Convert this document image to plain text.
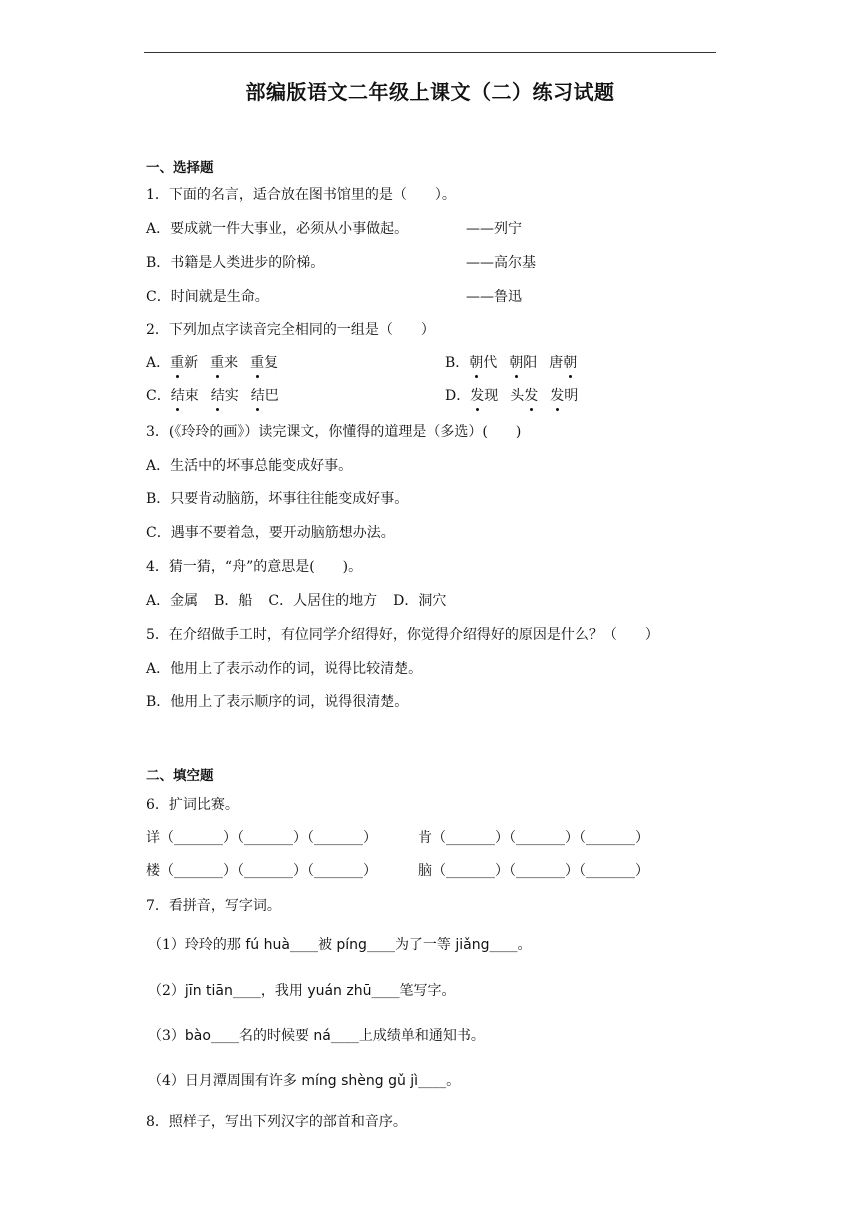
部编版语文二年级上课文（二）练习试题
一、选择题
1．下面的名言，适合放在图书馆里的是（　　）。
A．要成就一件大事业，必须从小事做起。	——列宁
B．书籍是人类进步的阶梯。	——高尔基
C．时间就是生命。	——鲁迅
2．下列加点字读音完全相同的一组是（　　）
A．重新 重来 重复	B．朝代 朝阳 唐朝
C．结束 结实 结巴	D．发现 头发 发明
3．(《玲玲的画》）读完课文，你懂得的道理是（多选）(　　)
A．生活中的坏事总能变成好事。
B．只要肯动脑筋，坏事往往能变成好事。
C．遇事不要着急，要开动脑筋想办法。
4．猜一猜，“舟”的意思是(　　)。
A．金属 B．船 C．人居住的地方 D．洞穴
5．在介绍做手工时，有位同学介绍得好，你觉得介绍得好的原因是什么？（　　）
A．他用上了表示动作的词，说得比较清楚。
B．他用上了表示顺序的词，说得很清楚。
二、填空题
6．扩词比赛。
详（_______）（_______）（_______）	肯（_______）（_______）（_______）
楼（_______）（_______）（_______）	脑（_______）（_______）（_______）
7．看拼音，写字词。
（1）玲玲的那 fú huà____被 píng____为了一等 jiǎng____。
（2）jīn tiān____，我用 yuán zhū____笔写字。
（3）bào____名的时候要 ná____上成绩单和通知书。
（4）日月潭周围有许多 míng shèng gǔ jì____。
8．照样子，写出下列汉字的部首和音序。
